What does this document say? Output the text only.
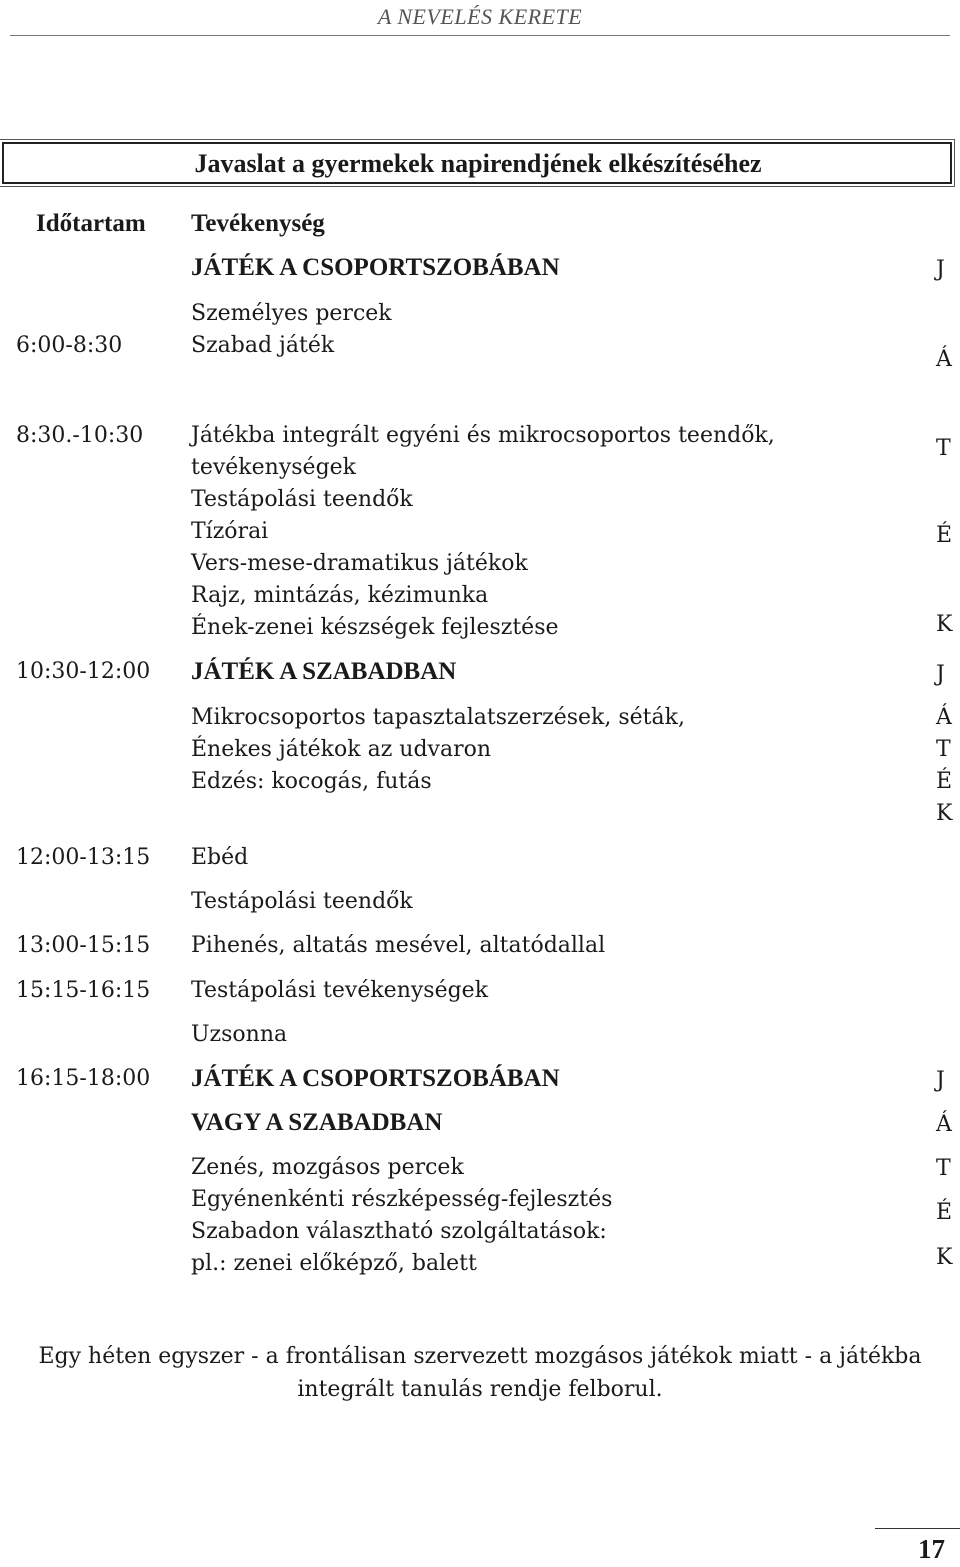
A NEVELÉS KERETE
Javaslat a gyermekek napirendjének elkészítéséhez
Időtartam Tevékenység
JÁTÉK A CSOPORTSZOBÁBAN
Személyes percek
6:00-8:30	Szabad játék
8:30.-10:30 Játékba integrált egyéni és mikrocsoportos teendők,
tevékenységek
Testápolási teendők
Tízórai
Vers-mese-dramatikus játékok
Rajz, mintázás, kézimunka
Ének-zenei készségek fejlesztése
10:30-12:00 JÁTÉK A SZABADBAN
Mikrocsoportos tapasztalatszerzések, séták,
Énekes játékok az udvaron
Edzés: kocogás, futás
12:00-13:15 Ebéd
Testápolási teendők
13:00-15:15 Pihenés, altatás mesével, altatódallal
15:15-16:15 Testápolási tevékenységek
Uzsonna
16:15-18:00 JÁTÉK A CSOPORTSZOBÁBAN
VAGY A SZABADBAN
Zenés, mozgásos percek
Egyénenkénti részképesség-fejlesztés
Szabadon választható szolgáltatások:
pl.: zenei előképző, balett
J
Á
T
É
K
J
Á
T
É
K
J
Á
T
É
K
Egy héten egyszer - a frontálisan szervezett mozgásos játékok miatt - a játékba
integrált tanulás rendje felborul.
17
